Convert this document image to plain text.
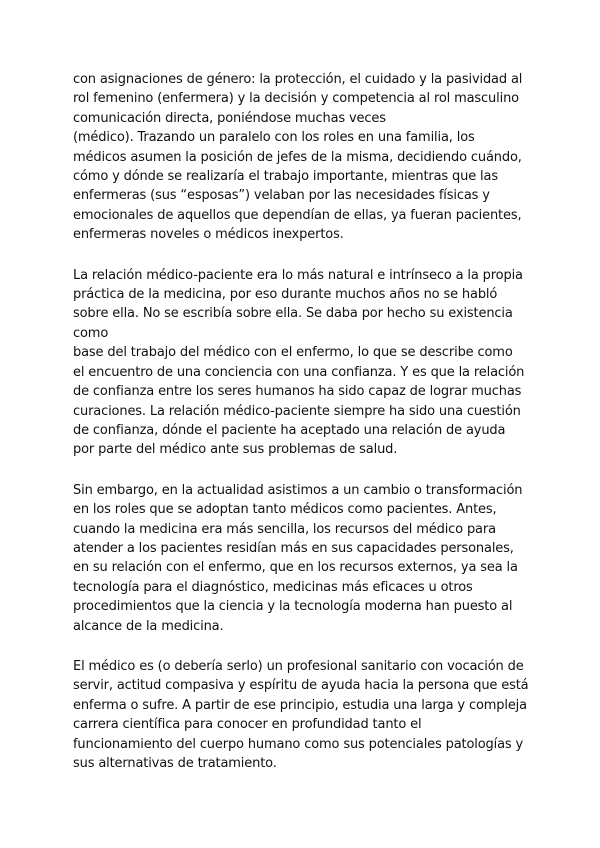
con asignaciones de género: la protección, el cuidado y la pasividad al
rol femenino (enfermera) y la decisión y competencia al rol masculino
comunicación directa, poniéndose muchas veces
(médico). Trazando un paralelo con los roles en una familia, los
médicos asumen la posición de jefes de la misma, decidiendo cuándo,
cómo y dónde se realizaría el trabajo importante, mientras que las
enfermeras (sus “esposas”) velaban por las necesidades físicas y
emocionales de aquellos que dependían de ellas, ya fueran pacientes,
enfermeras noveles o médicos inexpertos.
La relación médico-paciente era lo más natural e intrínseco a la propia
práctica de la medicina, por eso durante muchos años no se habló
sobre ella. No se escribía sobre ella. Se daba por hecho su existencia
como
base del trabajo del médico con el enfermo, lo que se describe como
el encuentro de una conciencia con una confianza. Y es que la relación
de confianza entre los seres humanos ha sido capaz de lograr muchas
curaciones. La relación médico-paciente siempre ha sido una cuestión
de confianza, dónde el paciente ha aceptado una relación de ayuda
por parte del médico ante sus problemas de salud.
Sin embargo, en la actualidad asistimos a un cambio o transformación
en los roles que se adoptan tanto médicos como pacientes. Antes,
cuando la medicina era más sencilla, los recursos del médico para
atender a los pacientes residían más en sus capacidades personales,
en su relación con el enfermo, que en los recursos externos, ya sea la
tecnología para el diagnóstico, medicinas más eficaces u otros
procedimientos que la ciencia y la tecnología moderna han puesto al
alcance de la medicina.
El médico es (o debería serlo) un profesional sanitario con vocación de
servir, actitud compasiva y espíritu de ayuda hacia la persona que está
enferma o sufre. A partir de ese principio, estudia una larga y compleja
carrera científica para conocer en profundidad tanto el
funcionamiento del cuerpo humano como sus potenciales patologías y
sus alternativas de tratamiento.
